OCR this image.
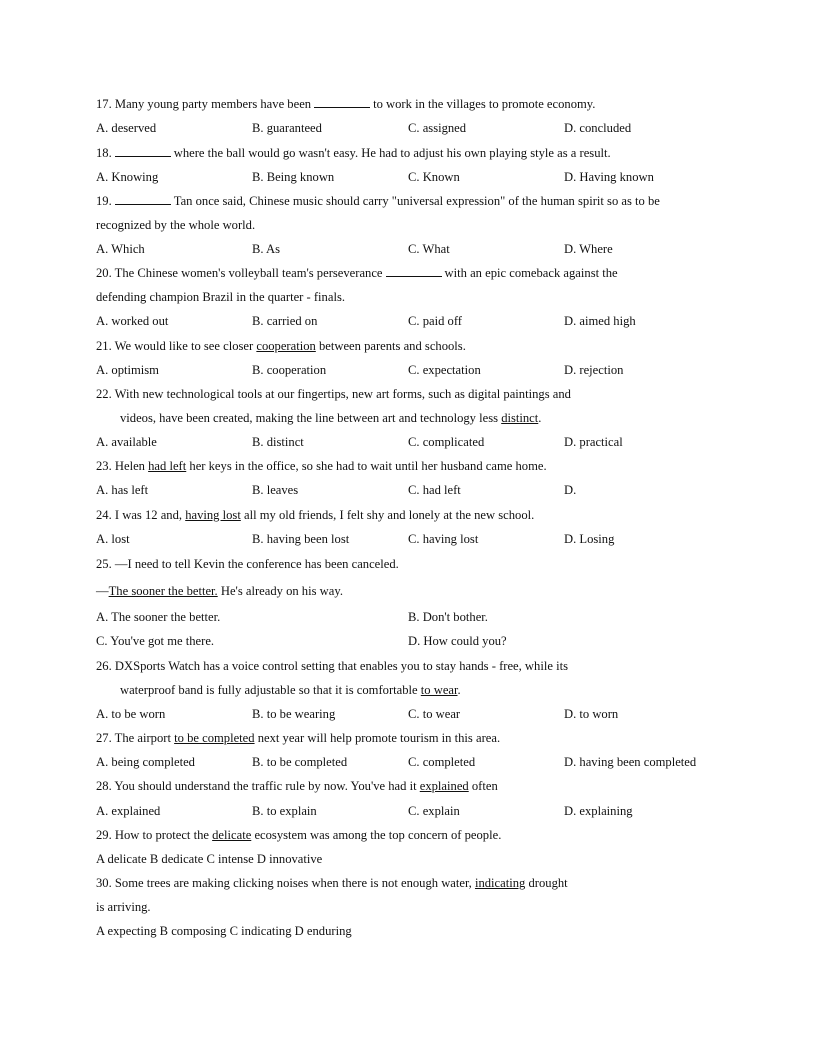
17. Many young party members have been	to work in the villages to promote economy.
A. deserved	B. guaranteed	C. assigned	D. concluded
18.	where the ball would go wasn't easy. He had to adjust his own playing style as a result.
A. Knowing	B. Being known	C. Known	D. Having known
19.	Tan once said, Chinese music should carry "universal expression" of the human spirit so as to be
recognized by the whole world.
A. Which	B. As	C. What	D. Where
20. The Chinese women's volleyball team's perseverance	with an epic comeback against the
defending champion Brazil in the quarter - finals.
A. worked out	B. carried on	C. paid off	D. aimed high
21. We would like to see closer cooperation between parents and schools.
A. optimism	B. cooperation	C. expectation	D. rejection
22. With new technological tools at our fingertips, new art forms, such as digital paintings and
videos, have been created, making the line between art and technology less distinct.
A. available	B. distinct	C. complicated	D. practical
23. Helen had left her keys in the office, so she had to wait until her husband came home.
A. has left	B. leaves	C. had left	D.
24. I was 12 and, having lost all my old friends, I felt shy and lonely at the new school.
A. lost	B. having been lost	C. having lost	D. Losing
25. —I need to tell Kevin the conference has been canceled.
—The sooner the better. He's already on his way.
A. The sooner the better.	B. Don't bother.
C. You've got me there.	D. How could you?
26. DXSports Watch has a voice control setting that enables you to stay hands - free, while its
waterproof band is fully adjustable so that it is comfortable to wear.
A. to be worn	B. to be wearing	C. to wear	D. to worn
27. The airport to be completed next year will help promote tourism in this area.
A. being completed	B. to be completed	C. completed	D. having been completed
28. You should understand the traffic rule by now. You've had it explained often
A. explained	B. to explain	C. explain	D. explaining
29. How to protect the delicate ecosystem was among the top concern of people.
A delicate B dedicate C intense D innovative
30. Some trees are making clicking noises when there is not enough water, indicating drought
is arriving.
A expecting B composing C indicating D enduring
